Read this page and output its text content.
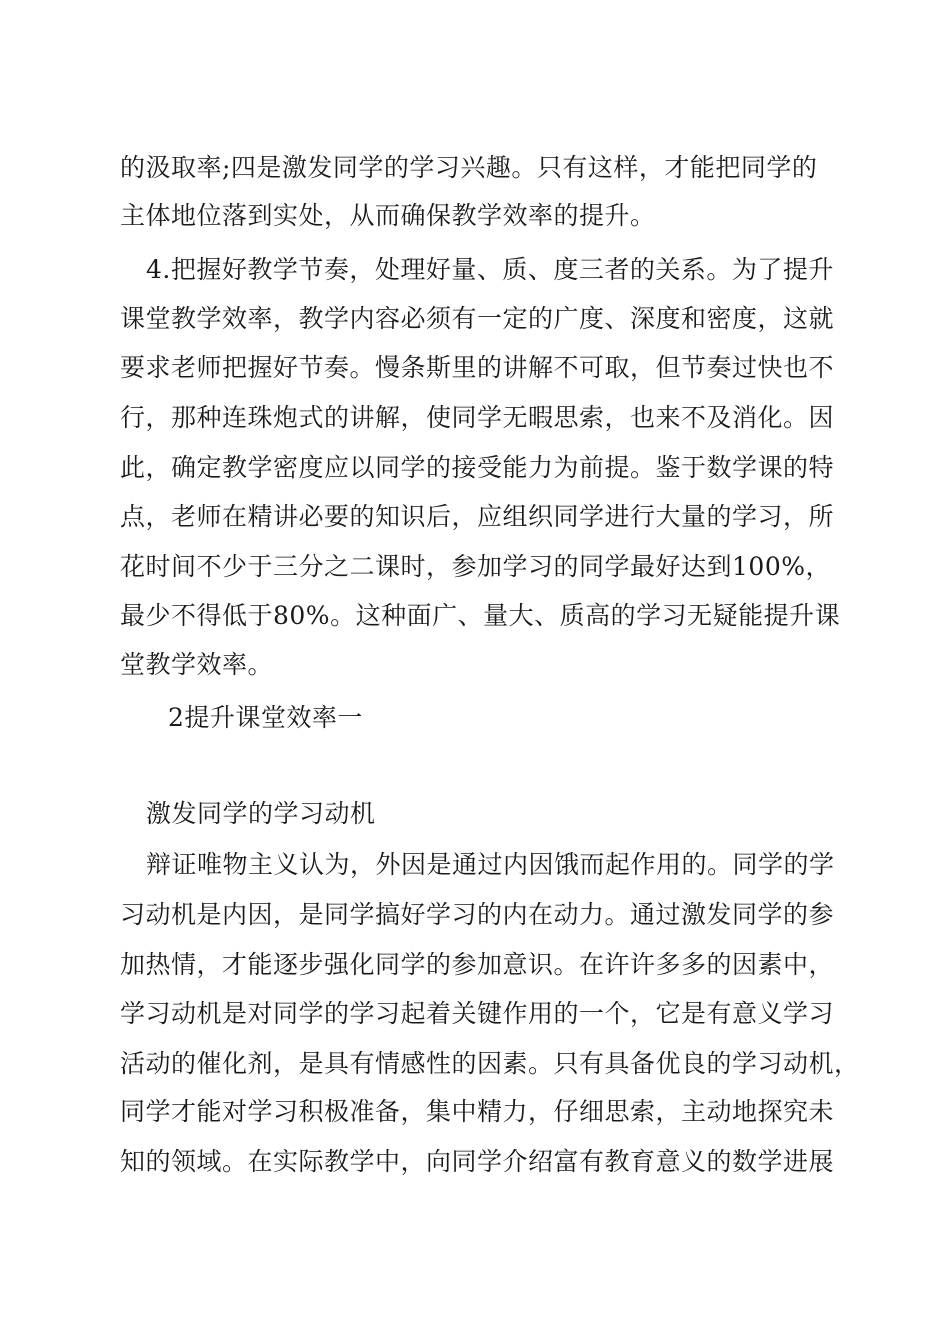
的汲取率;四是激发同学的学习兴趣。只有这样，才能把同学的
主体地位落到实处，从而确保教学效率的提升。
4.把握好教学节奏，处理好量、质、度三者的关系。为了提升
课堂教学效率，教学内容必须有一定的广度、深度和密度，这就
要求老师把握好节奏。慢条斯里的讲解不可取，但节奏过快也不
行，那种连珠炮式的讲解，使同学无暇思索，也来不及消化。因
此，确定教学密度应以同学的接受能力为前提。鉴于数学课的特
点，老师在精讲必要的知识后，应组织同学进行大量的学习，所
花时间不少于三分之二课时，参加学习的同学最好达到100%，
最少不得低于80%。这种面广、量大、质高的学习无疑能提升课
堂教学效率。
2提升课堂效率一
激发同学的学习动机
辩证唯物主义认为，外因是通过内因饿而起作用的。同学的学
习动机是内因，是同学搞好学习的内在动力。通过激发同学的参
加热情，才能逐步强化同学的参加意识。在许许多多的因素中，
学习动机是对同学的学习起着关键作用的一个，它是有意义学习
活动的催化剂，是具有情感性的因素。只有具备优良的学习动机，
同学才能对学习积极准备，集中精力，仔细思索，主动地探究未
知的领域。在实际教学中，向同学介绍富有教育意义的数学进展
